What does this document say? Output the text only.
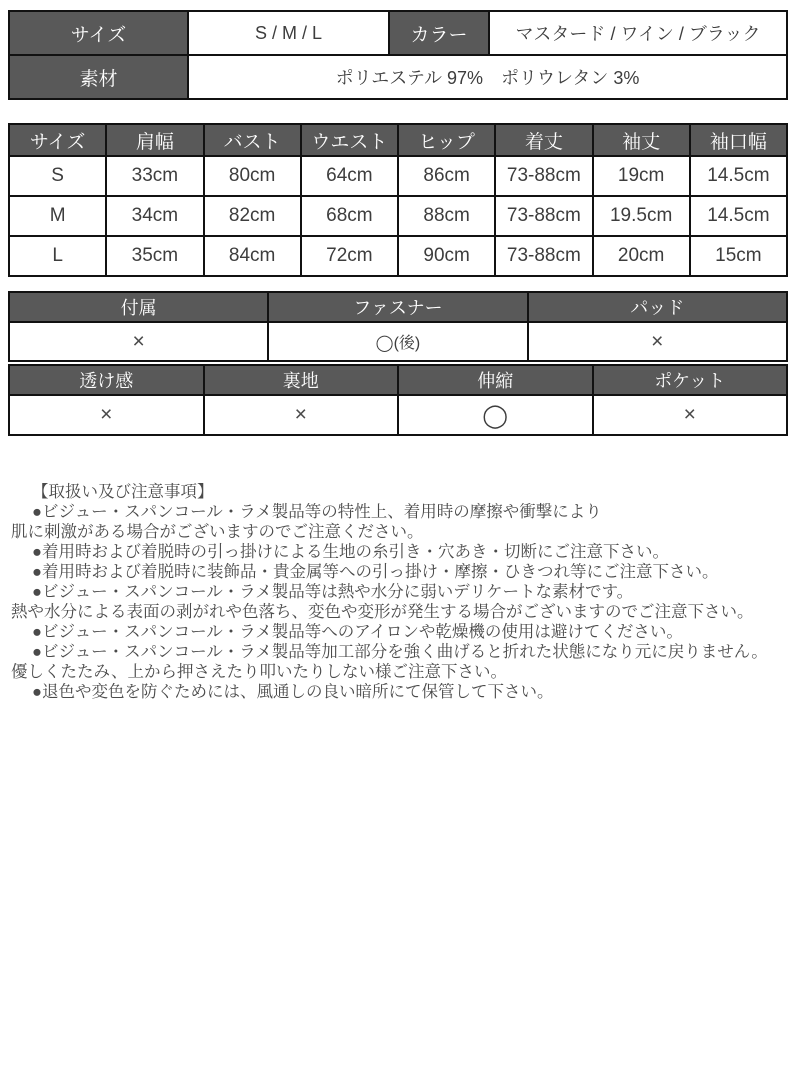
サイズ	S / M / L	カラー	マスタード / ワイン / ブラック
素材	ポリエステル 97%　ポリウレタン 3%
サイズ	肩幅	バスト	ウエスト	ヒップ	着丈	袖丈	袖口幅
S	33cm	80cm	64cm	86cm	73-88cm	19cm	14.5cm
M	34cm	82cm	68cm	88cm	73-88cm	19.5cm	14.5cm
L	35cm	84cm	72cm	90cm	73-88cm	20cm	15cm
付属	ファスナー	パッド
×	◯(後)	×
透け感	裏地	伸縮	ポケット
×	×	◯	×
【取扱い及び注意事項】
●ビジュー・スパンコール・ラメ製品等の特性上、着用時の摩擦や衝撃により
肌に刺激がある場合がございますのでご注意ください。
●着用時および着脱時の引っ掛けによる生地の糸引き・穴あき・切断にご注意下さい。
●着用時および着脱時に装飾品・貴金属等への引っ掛け・摩擦・ひきつれ等にご注意下さい。
●ビジュー・スパンコール・ラメ製品等は熱や水分に弱いデリケートな素材です。
熱や水分による表面の剥がれや色落ち、変色や変形が発生する場合がございますのでご注意下さい。
●ビジュー・スパンコール・ラメ製品等へのアイロンや乾燥機の使用は避けてください。
●ビジュー・スパンコール・ラメ製品等加工部分を強く曲げると折れた状態になり元に戻りません。
優しくたたみ、上から押さえたり叩いたりしない様ご注意下さい。
●退色や変色を防ぐためには、風通しの良い暗所にて保管して下さい。
